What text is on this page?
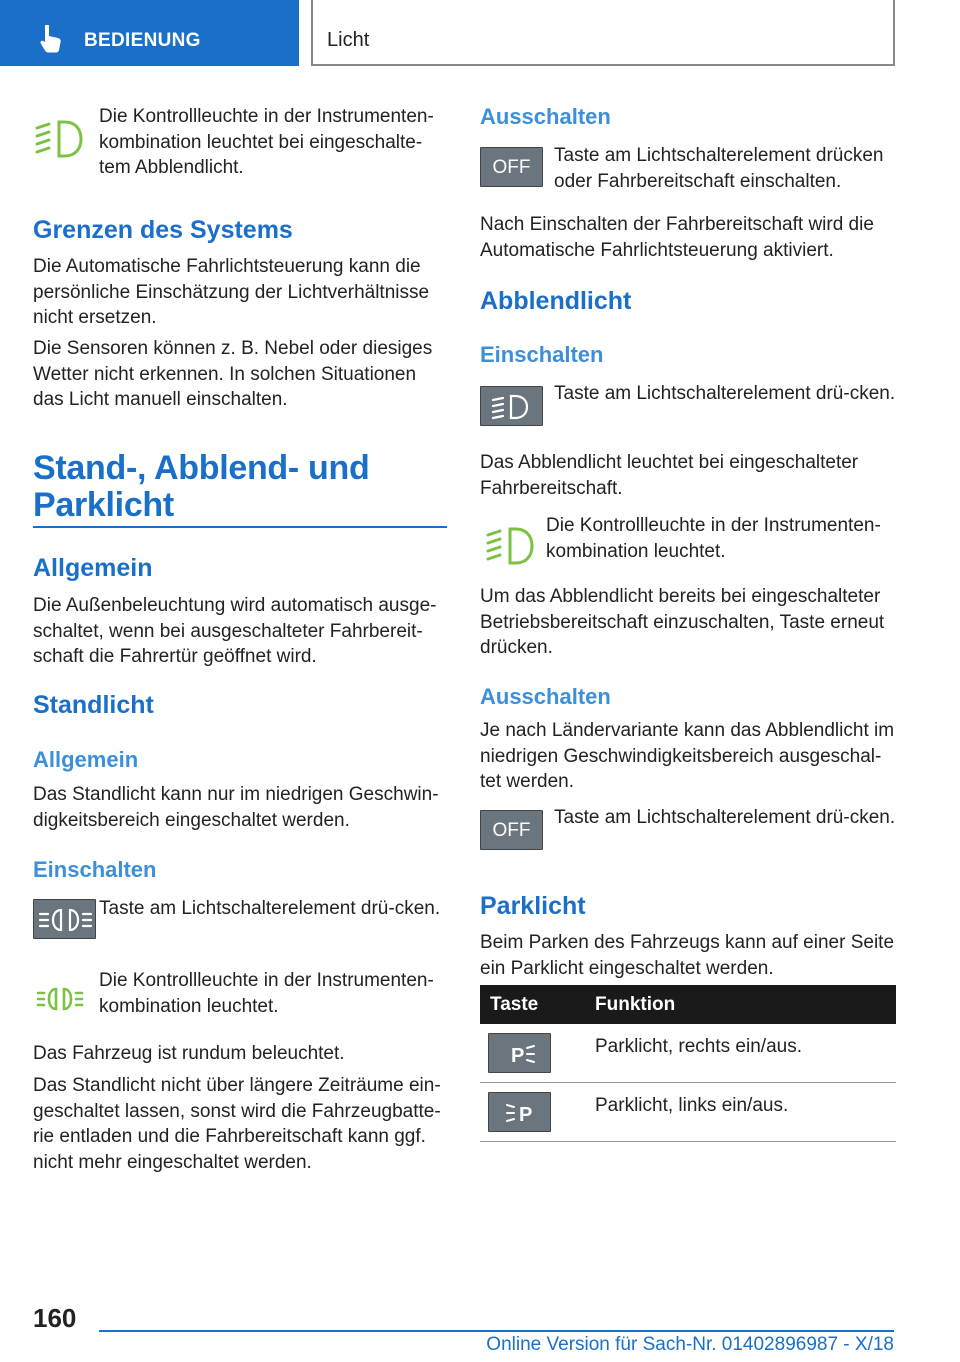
BEDIENUNG	Licht
Die Kontrollleuchte in der Instrumenten-kombination leuchtet bei eingeschalte-tem Abblendlicht.
Grenzen des Systems
Die Automatische Fahrlichtsteuerung kann die persönliche Einschätzung der Lichtverhältnisse nicht ersetzen.
Die Sensoren können z. B. Nebel oder diesiges Wetter nicht erkennen. In solchen Situationen das Licht manuell einschalten.
Stand-, Abblend- und
Parklicht
Allgemein
Die Außenbeleuchtung wird automatisch ausge-schaltet, wenn bei ausgeschalteter Fahrbereit-schaft die Fahrertür geöffnet wird.
Standlicht
Allgemein
Das Standlicht kann nur im niedrigen Geschwin-digkeitsbereich eingeschaltet werden.
Einschalten
Taste am Lichtschalterelement drü-cken.
Die Kontrollleuchte in der Instrumenten-kombination leuchtet.
Das Fahrzeug ist rundum beleuchtet.
Das Standlicht nicht über längere Zeiträume ein-geschaltet lassen, sonst wird die Fahrzeugbatte-rie entladen und die Fahrbereitschaft kann ggf. nicht mehr eingeschaltet werden.
Ausschalten
OFF
Taste am Lichtschalterelement drücken oder Fahrbereitschaft einschalten.
Nach Einschalten der Fahrbereitschaft wird die Automatische Fahrlichtsteuerung aktiviert.
Abblendlicht
Einschalten
Taste am Lichtschalterelement drü-cken.
Das Abblendlicht leuchtet bei eingeschalteter Fahrbereitschaft.
Die Kontrollleuchte in der Instrumenten-kombination leuchtet.
Um das Abblendlicht bereits bei eingeschalteter Betriebsbereitschaft einzuschalten, Taste erneut drücken.
Ausschalten
Je nach Ländervariante kann das Abblendlicht im niedrigen Geschwindigkeitsbereich ausgeschal-tet werden.
OFF
Taste am Lichtschalterelement drü-cken.
Parklicht
Beim Parken des Fahrzeugs kann auf einer Seite ein Parklicht eingeschaltet werden.
Taste	Funktion
P	Parklicht, rechts ein/aus.
P	Parklicht, links ein/aus.
160
Online Version für Sach-Nr. 01402896987 - X/18
